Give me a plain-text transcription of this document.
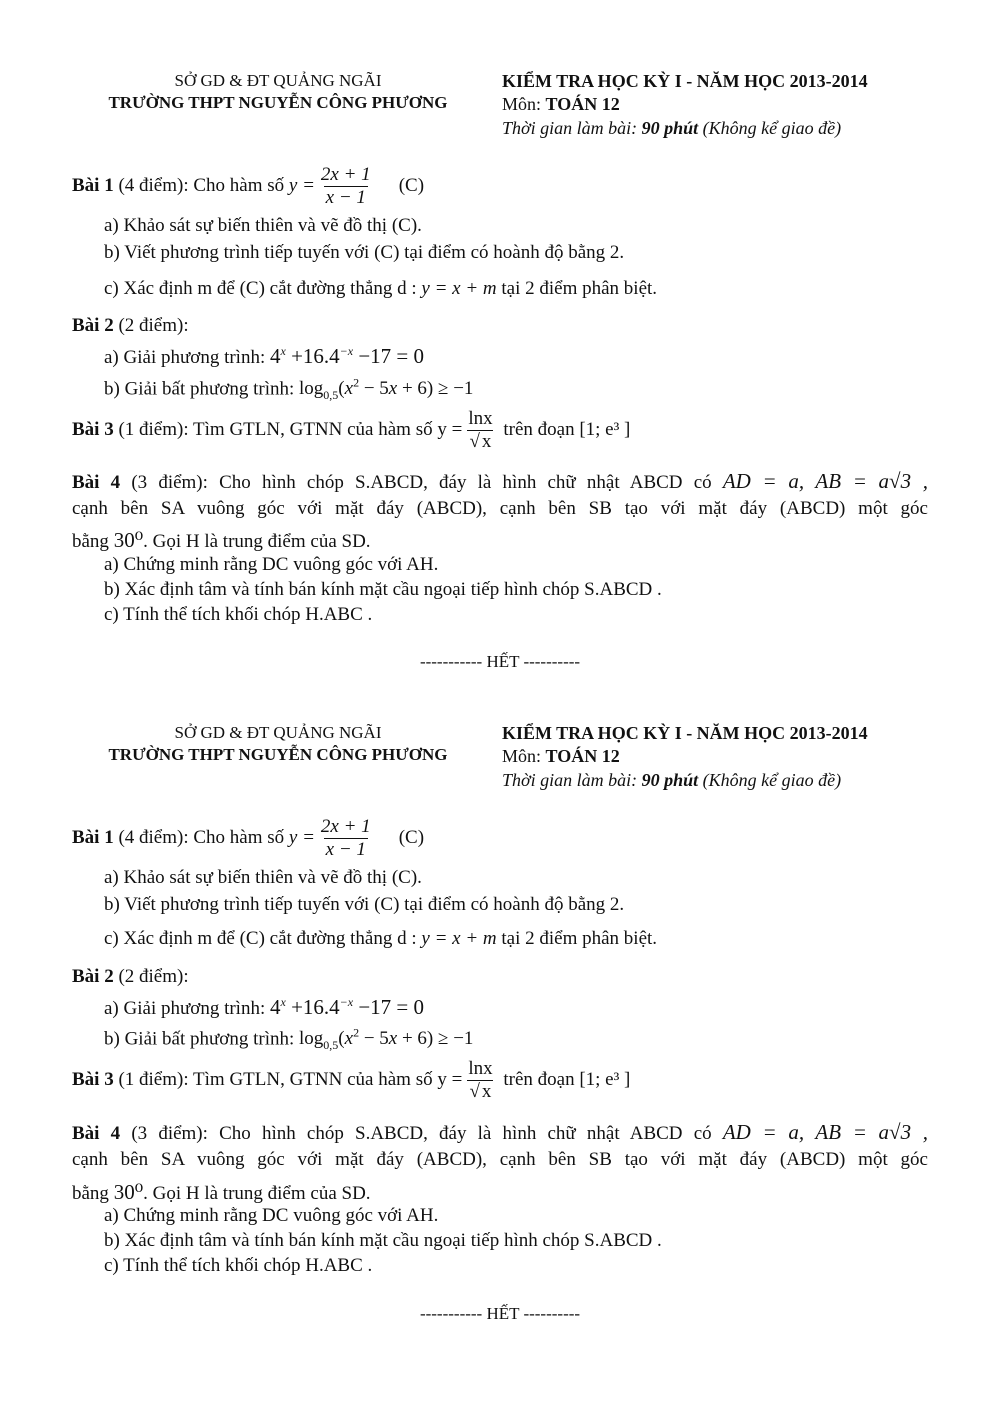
SỞ GD & ĐT QUẢNG NGÃI
TRƯỜNG THPT NGUYỄN CÔNG PHƯƠNG
KIỂM TRA HỌC KỲ I - NĂM HỌC 2013-2014
Môn: TOÁN 12
Thời gian làm bài: 90 phút (Không kể giao đề)
Bài 1 (4 điểm): Cho hàm số $y = \frac{2x + 1}{x - 1} (C)$
a) Khảo sát sự biến thiên và vẽ đồ thị (C).
b) Viết phương trình tiếp tuyến với (C) tại điểm có hoành độ bằng 2.
c) Xác định m để (C) cắt đường thẳng d : y = x + m tại 2 điểm phân biệt.
Bài 2 (2 điểm):
a) Giải phương trình: $4^x +16.4^{-x} -17 = 0$
b) Giải bất phương trình: $\log_{0,5}(x^2 - 5x + 6) \ge -1$
Bài 3 (1 điểm): Tìm GTLN, GTNN của hàm số $y = \frac{\ln x}{√ x}$ trên đoạn [1; e³ ]
Bài 4 (3 điểm): Cho hình chóp S.ABCD, đáy là hình chữ nhật ABCD có AD = a, AB = a√3 ,
cạnh bên SA vuông góc với mặt đáy (ABCD), cạnh bên SB tạo với mặt đáy (ABCD) một góc
bằng 30⁰. Gọi H là trung điểm của SD.
a) Chứng minh rằng DC vuông góc với AH.
b) Xác định tâm và tính bán kính mặt cầu ngoại tiếp hình chóp S.ABCD .
c) Tính thể tích khối chóp H.ABC .
----------- HẾT ----------
SỞ GD & ĐT QUẢNG NGÃI
TRƯỜNG THPT NGUYỄN CÔNG PHƯƠNG
KIỂM TRA HỌC KỲ I - NĂM HỌC 2013-2014
Môn: TOÁN 12
Thời gian làm bài: 90 phút (Không kể giao đề)
Bài 1 (4 điểm): Cho hàm số $y = \frac{2x + 1}{x - 1} (C)$
a) Khảo sát sự biến thiên và vẽ đồ thị (C).
b) Viết phương trình tiếp tuyến với (C) tại điểm có hoành độ bằng 2.
c) Xác định m để (C) cắt đường thẳng d : y = x + m tại 2 điểm phân biệt.
Bài 2 (2 điểm):
a) Giải phương trình: $4^x +16.4^{-x} -17 = 0$
b) Giải bất phương trình: $\log_{0,5}(x^2 - 5x + 6) \ge -1$
Bài 3 (1 điểm): Tìm GTLN, GTNN của hàm số $y = \frac{\ln x}{√ x}$ trên đoạn [1; e³ ]
Bài 4 (3 điểm): Cho hình chóp S.ABCD, đáy là hình chữ nhật ABCD có AD = a, AB = a√3 ,
cạnh bên SA vuông góc với mặt đáy (ABCD), cạnh bên SB tạo với mặt đáy (ABCD) một góc
bằng 30⁰. Gọi H là trung điểm của SD.
a) Chứng minh rằng DC vuông góc với AH.
b) Xác định tâm và tính bán kính mặt cầu ngoại tiếp hình chóp S.ABCD .
c) Tính thể tích khối chóp H.ABC .
----------- HẾT ----------
